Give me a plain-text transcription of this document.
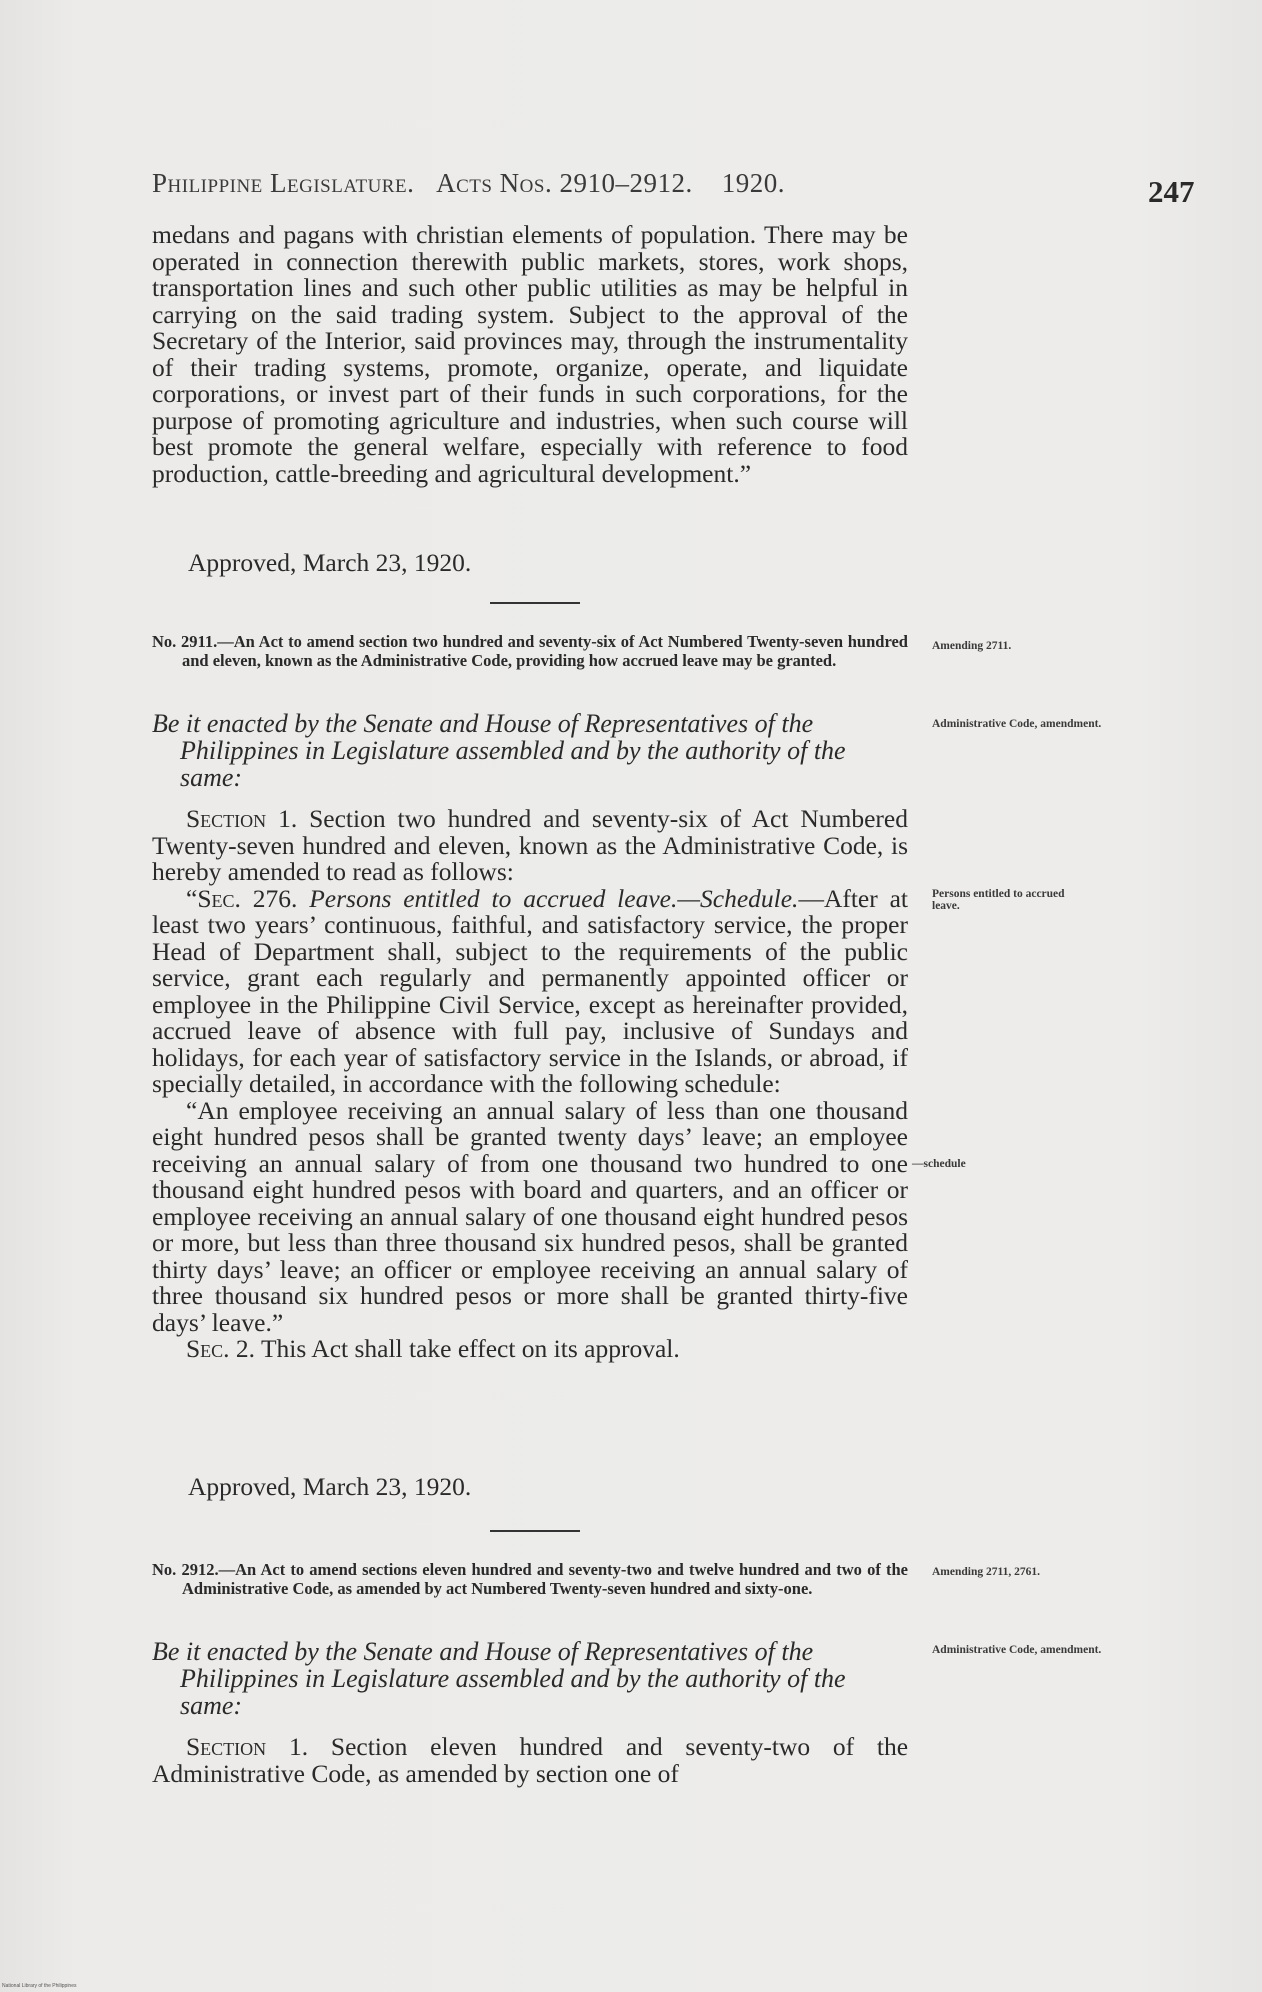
Philippine Legislature. Acts Nos. 2910–2912. 1920.	247

medans and pagans with christian elements of population. There may be operated in connection therewith public markets, stores, work shops, transportation lines and such other public utilities as may be helpful in carrying on the said trading system. Subject to the approval of the Secretary of the Interior, said provinces may, through the instrumentality of their trading systems, promote, organize, operate, and liquidate corporations, or invest part of their funds in such corporations, for the purpose of promoting agriculture and industries, when such course will best promote the general welfare, especially with reference to food production, cattle-breeding and agricultural development.”

Approved, March 23, 1920.
No. 2911.—An Act to amend section two hundred and seventy-six of Act Numbered Twenty-seven hundred and eleven, known as the Administrative Code, providing how accrued leave may be granted.
Amending 2711.
Be it enacted by the Senate and House of Representatives of the Philippines in Legislature assembled and by the authority of the same:
Administrative Code, amendment.

Section 1. Section two hundred and seventy-six of Act Numbered Twenty-seven hundred and eleven, known as the Administrative Code, is hereby amended to read as follows:

“Sec. 276. Persons entitled to accrued leave.—Schedule.—After at least two years’ continuous, faithful, and satisfactory service, the proper Head of Department shall, subject to the requirements of the public service, grant each regularly and permanently appointed officer or employee in the Philippine Civil Service, except as hereinafter provided, accrued leave of absence with full pay, inclusive of Sundays and holidays, for each year of satisfactory service in the Islands, or abroad, if specially detailed, in accordance with the following schedule:

“An employee receiving an annual salary of less than one thousand eight hundred pesos shall be granted twenty days’ leave; an employee receiving an annual salary of from one thousand two hundred to one thousand eight hundred pesos with board and quarters, and an officer or employee receiving an annual salary of one thousand eight hundred pesos or more, but less than three thousand six hundred pesos, shall be granted thirty days’ leave; an officer or employee receiving an annual salary of three thousand six hundred pesos or more shall be granted thirty-five days’ leave.”

Sec. 2. This Act shall take effect on its approval.

Persons entitled to accrued leave.
—schedule
Approved, March 23, 1920.
No. 2912.—An Act to amend sections eleven hundred and seventy-two and twelve hundred and two of the Administrative Code, as amended by act Numbered Twenty-seven hundred and sixty-one.
Amending 2711, 2761.
Be it enacted by the Senate and House of Representatives of the Philippines in Legislature assembled and by the authority of the same:
Administrative Code, amendment.

Section 1. Section eleven hundred and seventy-two of the Administrative Code, as amended by section one of

National Library of the Philippines
